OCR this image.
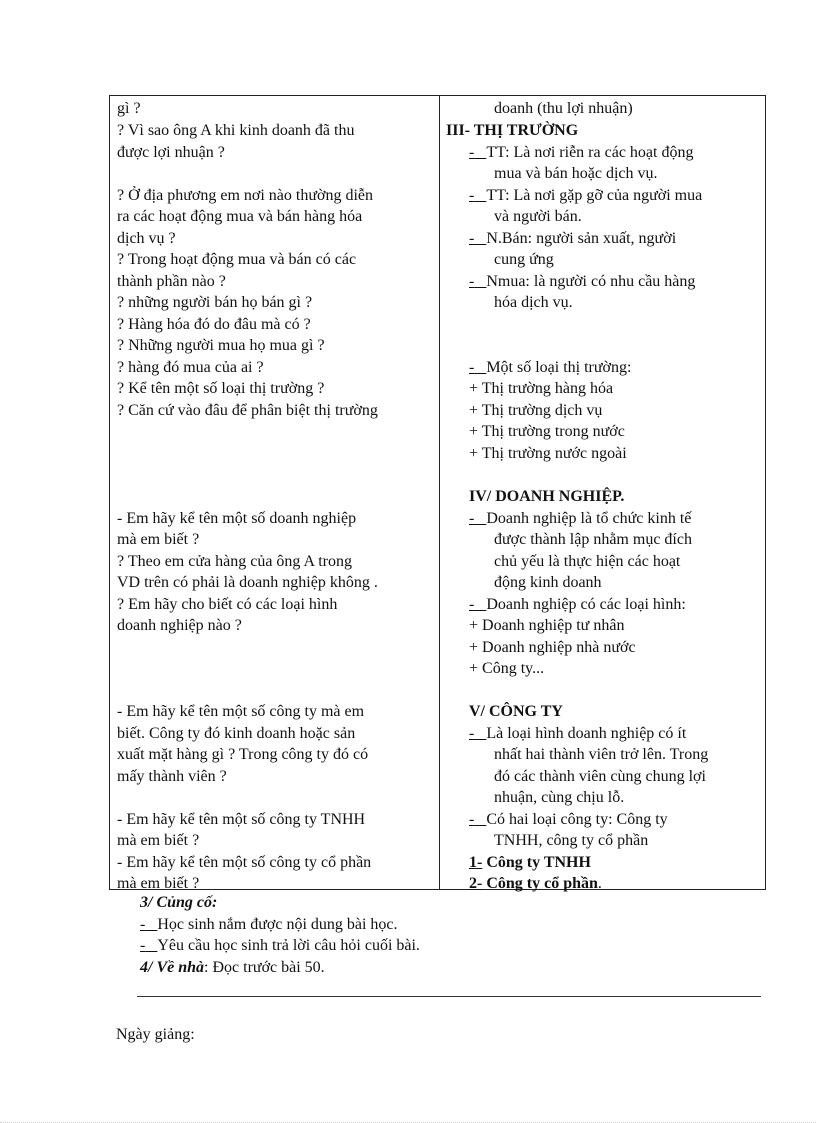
gì ?
? Vì sao ông A khi kinh doanh đã thu
được lợi nhuận ?
? Ở địa phương em nơi nào thường diễn
ra các hoạt động mua và bán hàng hóa
dịch vụ ?
? Trong hoạt động mua và bán có các
thành phần nào ?
? những người bán họ bán gì ?
? Hàng hóa đó do đâu mà có ?
? Những người mua họ mua gì ?
? hàng đó mua của ai ?
? Kể tên một số loại thị trường ?
? Căn cứ vào đâu để phân biệt thị trường
- Em hãy kể tên một số doanh nghiệp
mà em biết ?
? Theo em cửa hàng của ông A trong
VD trên có phải là doanh nghiệp không .
? Em hãy cho biết có các loại hình
doanh nghiệp nào ?
- Em hãy kể tên một số công ty mà em
biết. Công ty đó kinh doanh hoặc sản
xuất mặt hàng gì ? Trong công ty đó có
mấy thành viên ?
- Em hãy kể tên một số công ty TNHH
mà em biết ?
- Em hãy kể tên một số công ty cổ phần
mà em biết ?
doanh (thu lợi nhuận)
III- THỊ TRƯỜNG
- TT: Là nơi riễn ra các hoạt động
mua và bán hoặc dịch vụ.
- TT: Là nơi gặp gỡ của người mua
và người bán.
- N.Bán: người sản xuất, người
cung ứng
- Nmua: là người có nhu cầu hàng
hóa dịch vụ.
- Một số loại thị trường:
+ Thị trường hàng hóa
+ Thị trường dịch vụ
+ Thị trường trong nước
+ Thị trường nước ngoài
IV/ DOANH NGHIỆP.
- Doanh nghiệp là tổ chức kinh tế
được thành lập nhằm mục đích
chủ yếu là thực hiện các hoạt
động kinh doanh
- Doanh nghiệp có các loại hình:
+ Doanh nghiệp tư nhân
+ Doanh nghiệp nhà nước
+ Công ty...
V/ CÔNG TY
- Là loại hình doanh nghiệp có ít
nhất hai thành viên trở lên. Trong
đó các thành viên cùng chung lợi
nhuận, cùng chịu lỗ.
- Có hai loại công ty: Công ty
TNHH, công ty cổ phần
1- Công ty TNHH
2- Công ty cổ phần.
3/ Củng cố:
- Học sinh nắm được nội dung bài học.
- Yêu cầu học sinh trả lời câu hỏi cuối bài.
4/ Về nhà: Đọc trước bài 50.
Ngày giảng:
